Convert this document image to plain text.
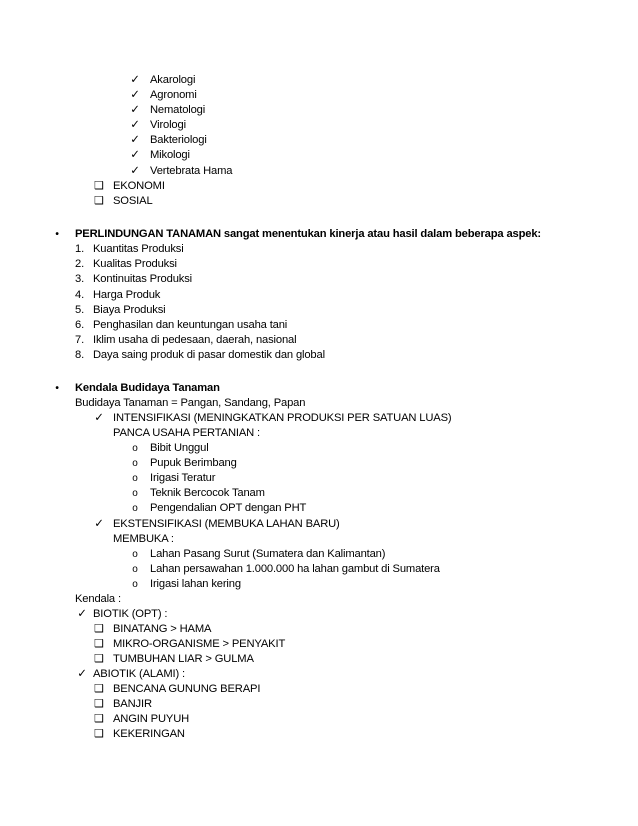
✓ Akarologi
✓ Agronomi
✓ Nematologi
✓ Virologi
✓ Bakteriologi
✓ Mikologi
✓ Vertebrata Hama
❑ EKONOMI
❑ SOSIAL
•	PERLINDUNGAN TANAMAN sangat menentukan kinerja atau hasil dalam beberapa aspek:
1. Kuantitas Produksi
2. Kualitas Produksi
3. Kontinuitas Produksi
4. Harga Produk
5. Biaya Produksi
6. Penghasilan dan keuntungan usaha tani
7. Iklim usaha di pedesaan, daerah, nasional
8. Daya saing produk di pasar domestik dan global
•	Kendala Budidaya Tanaman
Budidaya Tanaman = Pangan, Sandang, Papan
✓ INTENSIFIKASI (MENINGKATKAN PRODUKSI PER SATUAN LUAS)
PANCA USAHA PERTANIAN :
o	Bibit Unggul
o	Pupuk Berimbang
o	Irigasi Teratur
o	Teknik Bercocok Tanam
o	Pengendalian OPT dengan PHT
✓ EKSTENSIFIKASI (MEMBUKA LAHAN BARU)
MEMBUKA :
o	Lahan Pasang Surut (Sumatera dan Kalimantan)
o	Lahan persawahan 1.000.000 ha lahan gambut di Sumatera
o	Irigasi lahan kering
Kendala :
✓ BIOTIK (OPT) :
❑ BINATANG > HAMA
❑ MIKRO-ORGANISME > PENYAKIT
❑ TUMBUHAN LIAR > GULMA
✓ ABIOTIK (ALAMI) :
❑ BENCANA GUNUNG BERAPI
❑ BANJIR
❑ ANGIN PUYUH
❑ KEKERINGAN
